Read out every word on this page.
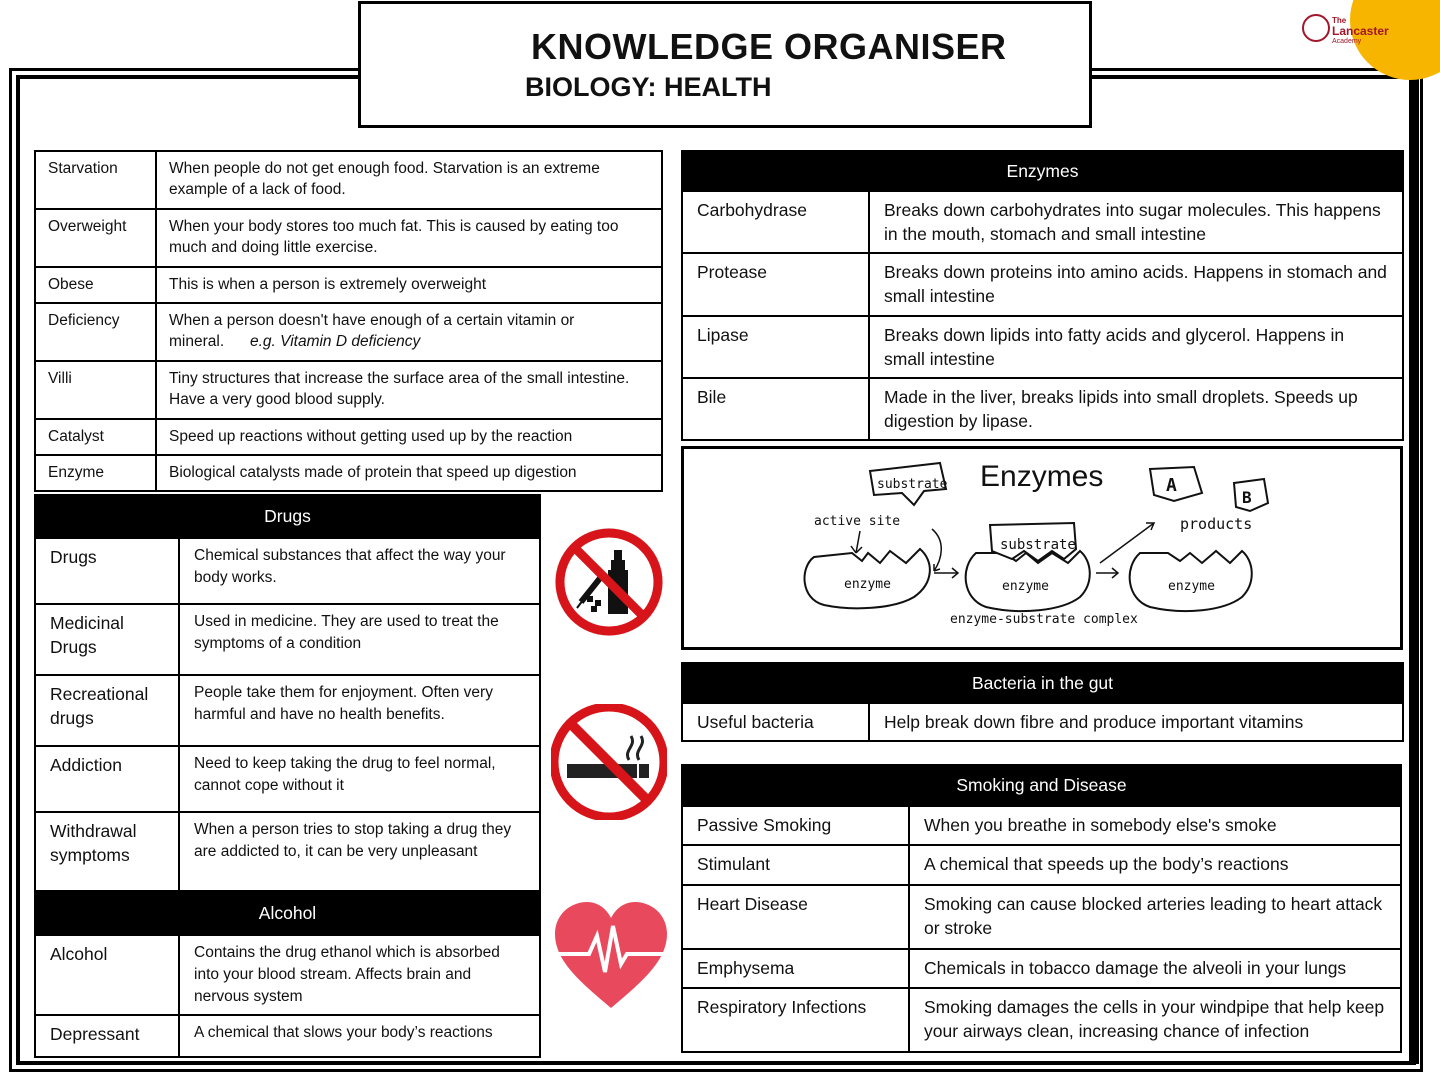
The
Lancaster
Academy
KNOWLEDGE ORGANISER
BIOLOGY: HEALTH
Starvation	When people do not get enough food. Starvation is an extreme example of a lack of food.
Overweight	When your body stores too much fat. This is caused by eating too much and doing little exercise.
Obese	This is when a person is extremely overweight
Deficiency	When a person doesn't have enough of a certain vitamin or mineral. e.g. Vitamin D deficiency
Villi	Tiny structures that increase the surface area of the small intestine. Have a very good blood supply.
Catalyst	Speed up reactions without getting used up by the reaction
Enzyme	Biological catalysts made of protein that speed up digestion
Drugs	
Drugs	Chemical substances that affect the way your body works.
Medicinal Drugs	Used in medicine. They are used to treat the symptoms of a condition
Recreational drugs	People take them for enjoyment. Often very harmful and have no health benefits.
Addiction	Need to keep taking the drug to feel normal, cannot cope without it
Withdrawal symptoms	When a person tries to stop taking a drug they are addicted to, it can be very unpleasant
Alcohol	
Alcohol	Contains the drug ethanol which is absorbed into your blood stream. Affects brain and nervous system
Depressant	A chemical that slows your body’s reactions
Enzymes	
Carbohydrase	Breaks down carbohydrates into sugar molecules. This happens in the mouth, stomach and small intestine
Protease	Breaks down proteins into amino acids. Happens in stomach and small intestine
Lipase	Breaks down lipids into fatty acids and glycerol. Happens in small intestine
Bile	Made in the liver, breaks lipids into small droplets. Speeds up digestion by lipase.
Enzymes
substrate
active site
enzyme
substrate
enzyme
enzyme-substrate complex
enzyme
products
A
B
Bacteria in the gut
Useful bacteria	Help break down fibre and produce important vitamins
Smoking and Disease	
Passive Smoking	When you breathe in somebody else's smoke
Stimulant	A chemical that speeds up the body’s reactions
Heart Disease	Smoking can cause blocked arteries leading to heart attack or stroke
Emphysema	Chemicals in tobacco damage the alveoli in your lungs
Respiratory Infections	Smoking damages the cells in your windpipe that help keep your airways clean, increasing chance of infection
